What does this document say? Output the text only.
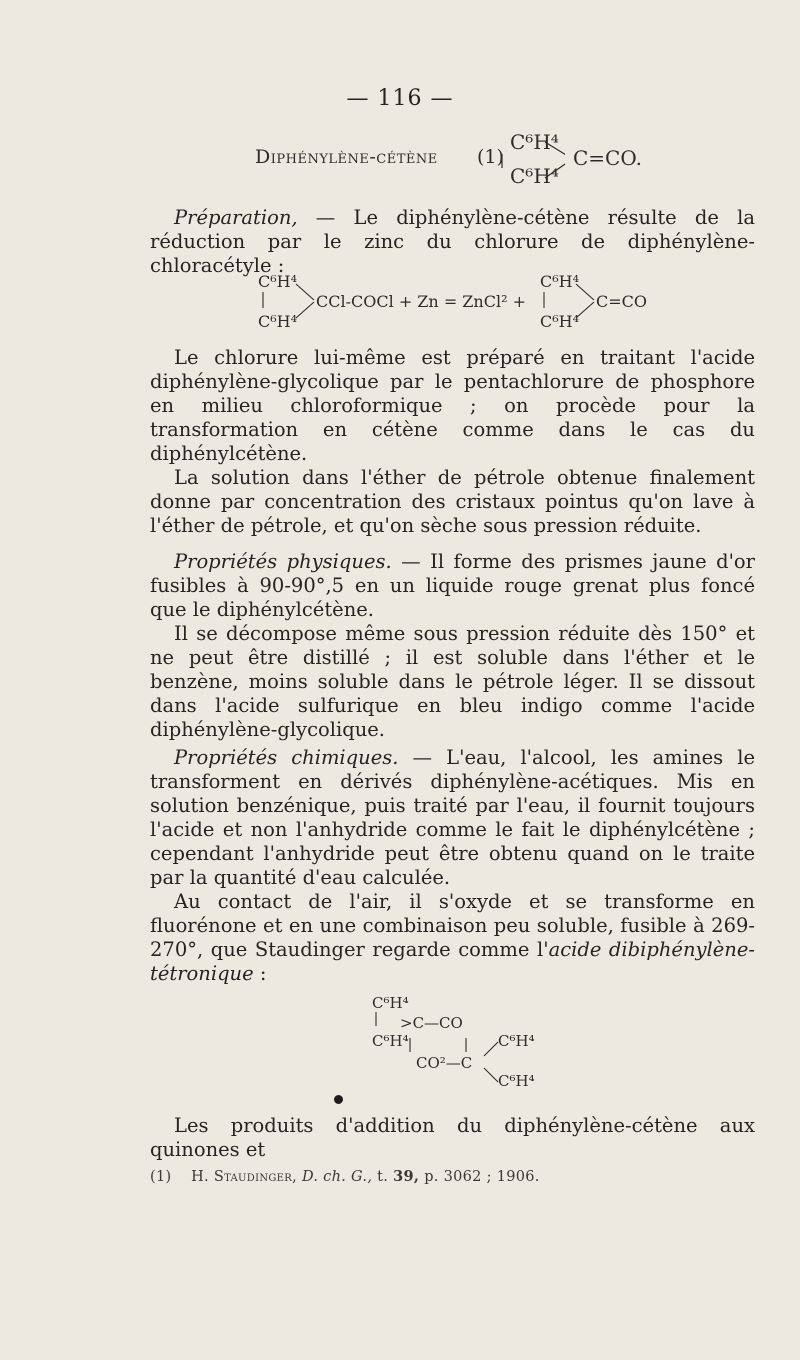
— 116 —
Diphénylène-cétène (1)
C⁶H⁴
C⁶H⁴
C=CO.

Préparation, — Le diphénylène-cétène résulte de la réduction par le zinc du chlorure de diphénylène-chloracétyle :

C⁶H⁴
C⁶H⁴
CCl-COCl + Zn = ZnCl² +
C⁶H⁴
C⁶H⁴
C=CO

Le chlorure lui-même est préparé en traitant l'acide diphénylène-glycolique par le pentachlorure de phosphore en milieu chloroformique ; on procède pour la transformation en cétène comme dans le cas du diphénylcétène.

La solution dans l'éther de pétrole obtenue finalement donne par concentration des cristaux pointus qu'on lave à l'éther de pétrole, et qu'on sèche sous pression réduite.

Propriétés physiques. — Il forme des prismes jaune d'or fusibles à 90-90°,5 en un liquide rouge grenat plus foncé que le diphénylcétène.

Il se décompose même sous pression réduite dès 150° et ne peut être distillé ; il est soluble dans l'éther et le benzène, moins soluble dans le pétrole léger. Il se dissout dans l'acide sulfurique en bleu indigo comme l'acide diphénylène-glycolique.

Propriétés chimiques. — L'eau, l'alcool, les amines le transforment en dérivés diphénylène-acétiques. Mis en solution benzénique, puis traité par l'eau, il fournit toujours l'acide et non l'anhydride comme le fait le diphénylcétène ; cependant l'anhydride peut être obtenu quand on le traite par la quantité d'eau calculée.

Au contact de l'air, il s'oxyde et se transforme en fluorénone et en une combinaison peu soluble, fusible à 269-270°, que Staudinger regarde comme l'acide dibiphénylène-tétronique :

C⁶H⁴
>C—CO
C⁶H⁴	C⁶H⁴
CO²—C
C⁶H⁴

Les produits d'addition du diphénylène-cétène aux quinones et

(1) H. Staudinger, D. ch. G., t. 39, p. 3062 ; 1906.
